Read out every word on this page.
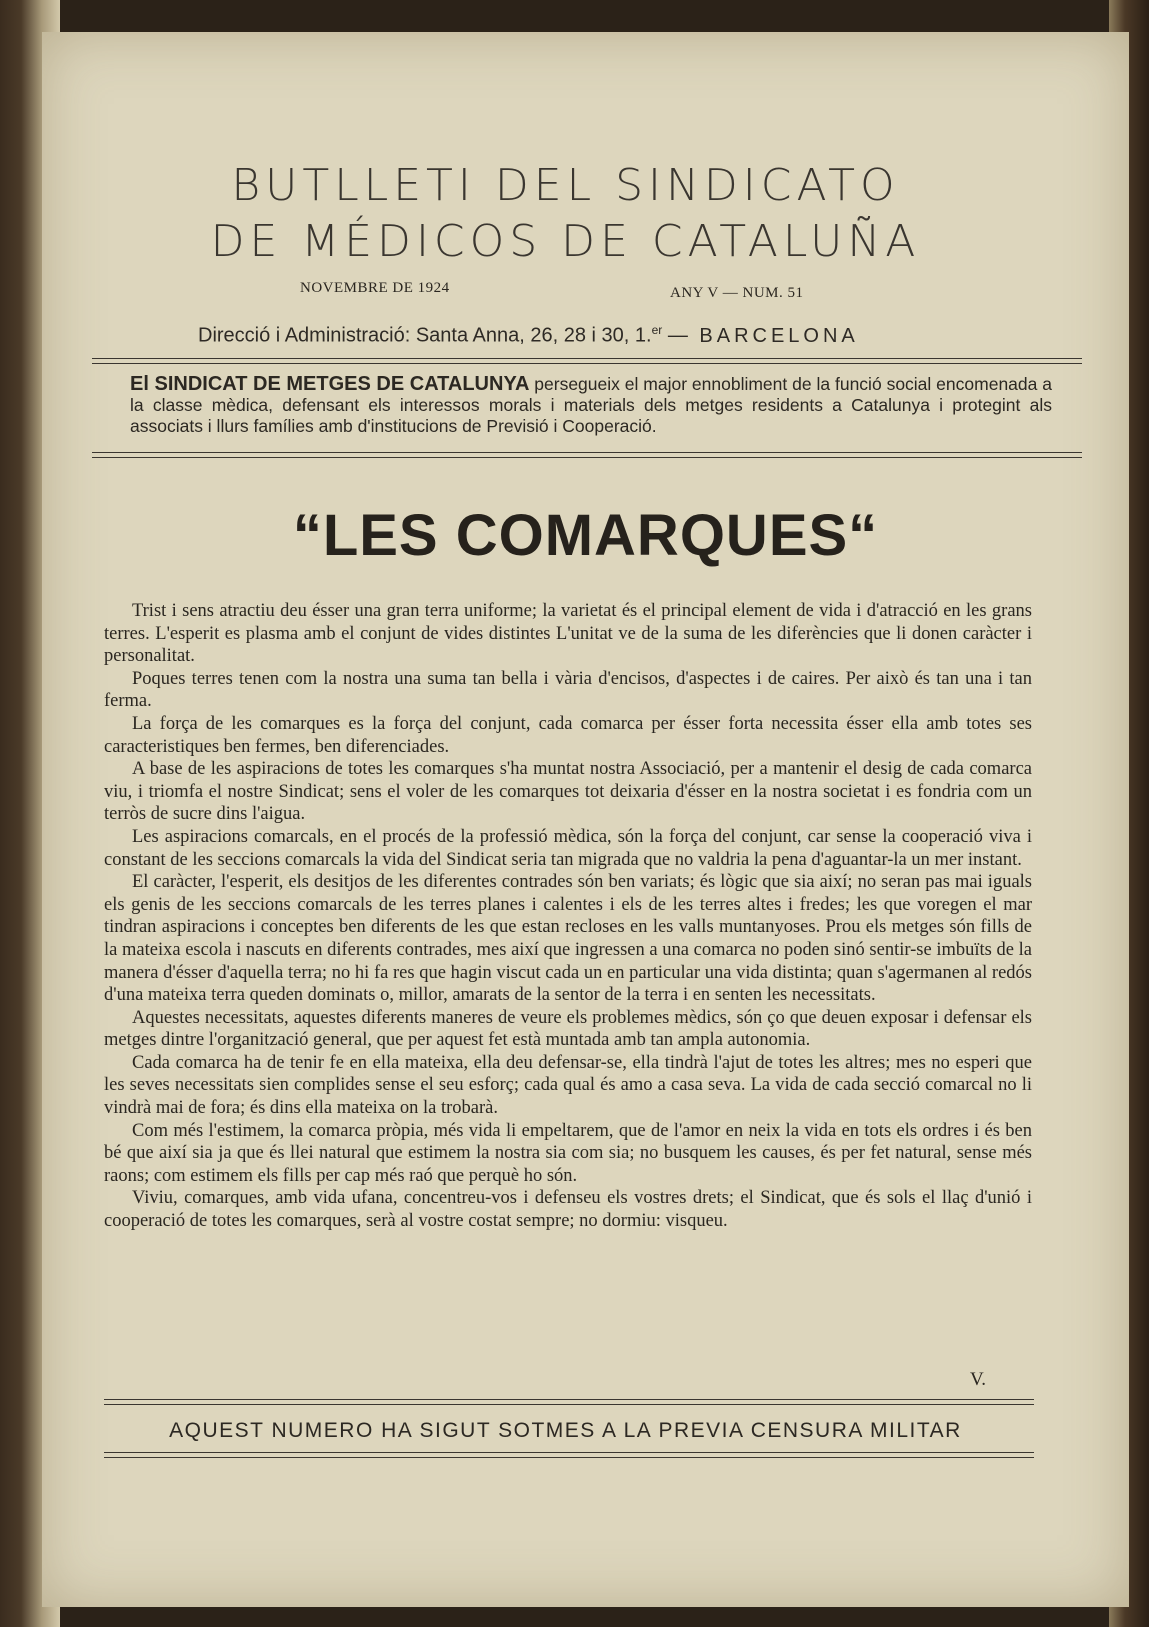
BUTLLETI DEL SINDICATO
DE MÉDICOS DE CATALUÑA
NOVEMBRE DE 1924	ANY V — NUM. 51
Direcció i Administració: Santa Anna, 26, 28 i 30, 1.$^{er}$ — BARCELONA
El SINDICAT DE METGES DE CATALUNYA persegueix el major ennobliment de la funció social encomenada a la classe mèdica, defensant els interessos morals i materials dels metges residents a Catalunya i protegint als associats i llurs famílies amb d'institucions de Previsió i Cooperació.
“LES COMARQUES“

Trist i sens atractiu deu ésser una gran terra uniforme; la varietat és el principal element de vida i d'atracció en les grans terres. L'esperit es plasma amb el conjunt de vides distintes L'unitat ve de la suma de les diferències que li donen caràcter i personalitat.

Poques terres tenen com la nostra una suma tan bella i vària d'encisos, d'aspectes i de caires. Per això és tan una i tan ferma.

La força de les comarques es la força del conjunt, cada comarca per ésser forta necessita ésser ella amb totes ses caracteristiques ben fermes, ben diferenciades.

A base de les aspiracions de totes les comarques s'ha muntat nostra Associació, per a mantenir el desig de cada comarca viu, i triomfa el nostre Sindicat; sens el voler de les comarques tot deixaria d'ésser en la nostra societat i es fondria com un terròs de sucre dins l'aigua.

Les aspiracions comarcals, en el procés de la professió mèdica, són la força del conjunt, car sense la cooperació viva i constant de les seccions comarcals la vida del Sindicat seria tan migrada que no valdria la pena d'aguantar-la un mer instant.

El caràcter, l'esperit, els desitjos de les diferentes contrades són ben variats; és lògic que sia així; no seran pas mai iguals els genis de les seccions comarcals de les terres planes i calentes i els de les terres altes i fredes; les que voregen el mar tindran aspiracions i conceptes ben diferents de les que estan recloses en les valls muntanyoses. Prou els metges són fills de la mateixa escola i nascuts en diferents contrades, mes així que ingressen a una comarca no poden sinó sentir-se imbuïts de la manera d'ésser d'aquella terra; no hi fa res que hagin viscut cada un en particular una vida distinta; quan s'agermanen al redós d'una mateixa terra queden dominats o, millor, amarats de la sentor de la terra i en senten les necessitats.

Aquestes necessitats, aquestes diferents maneres de veure els problemes mèdics, són ço que deuen exposar i defensar els metges dintre l'organització general, que per aquest fet està muntada amb tan ampla autonomia.

Cada comarca ha de tenir fe en ella mateixa, ella deu defensar-se, ella tindrà l'ajut de totes les altres; mes no esperi que les seves necessitats sien complides sense el seu esforç; cada qual és amo a casa seva. La vida de cada secció comarcal no li vindrà mai de fora; és dins ella mateixa on la trobarà.

Com més l'estimem, la comarca pròpia, més vida li empeltarem, que de l'amor en neix la vida en tots els ordres i és ben bé que així sia ja que és llei natural que estimem la nostra sia com sia; no busquem les causes, és per fet natural, sense més raons; com estimem els fills per cap més raó que perquè ho són.

Viviu, comarques, amb vida ufana, concentreu-vos i defenseu els vostres drets; el Sindicat, que és sols el llaç d'unió i cooperació de totes les comarques, serà al vostre costat sempre; no dormiu: visqueu.

V.
AQUEST NUMERO HA SIGUT SOTMES A LA PREVIA CENSURA MILITAR
